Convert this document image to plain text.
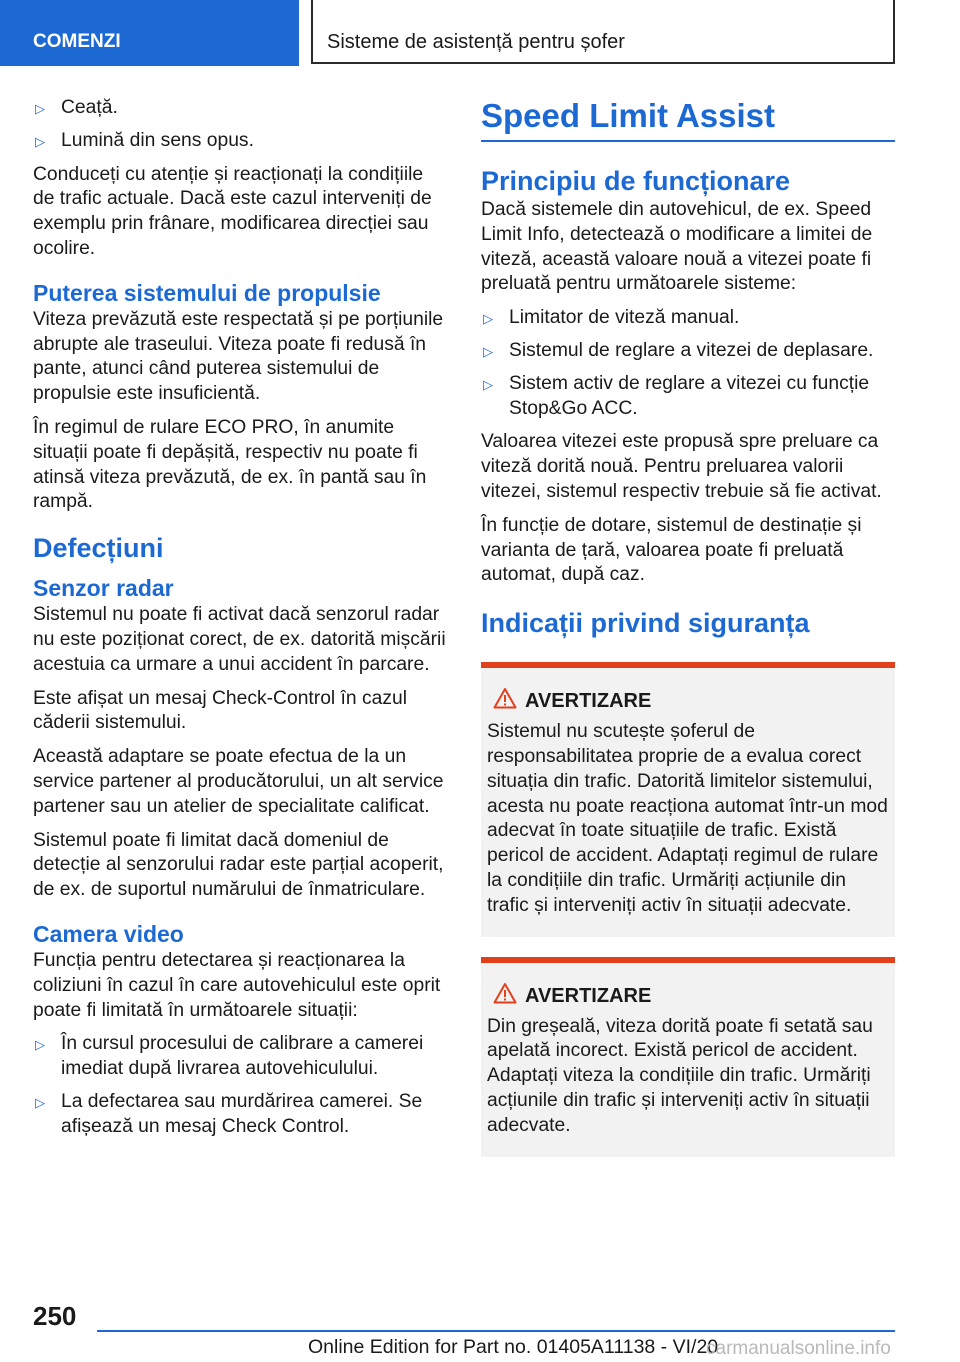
COMENZI	Sisteme de asistență pentru șofer
▷ Ceață.
▷ Lumină din sens opus.

Conduceți cu atenție și reacționați la condițiile de trafic actuale. Dacă este cazul interveniți de exemplu prin frânare, modificarea direcției sau ocolire.

Puterea sistemului de propulsie

Viteza prevăzută este respectată și pe porțiunile abrupte ale traseului. Viteza poate fi redusă în pante, atunci când puterea sistemului de propulsie este insuficientă.

În regimul de rulare ECO PRO, în anumite situații poate fi depășită, respectiv nu poate fi atinsă viteza prevăzută, de ex. în pantă sau în rampă.

Defecțiuni
Senzor radar

Sistemul nu poate fi activat dacă senzorul radar nu este poziționat corect, de ex. datorită mișcării acestuia ca urmare a unui accident în parcare.

Este afișat un mesaj Check-Control în cazul căderii sistemului.

Această adaptare se poate efectua de la un service partener al producătorului, un alt service partener sau un atelier de specialitate calificat.

Sistemul poate fi limitat dacă domeniul de detecție al senzorului radar este parțial acoperit, de ex. de suportul numărului de înmatriculare.

Camera video

Funcția pentru detectarea și reacționarea la coliziuni în cazul în care autovehiculul este oprit poate fi limitată în următoarele situații:

▷ În cursul procesului de calibrare a camerei imediat după livrarea autovehiculului.
▷ La defectarea sau murdărirea camerei. Se afișează un mesaj Check Control.
Speed Limit Assist
Principiu de funcționare

Dacă sistemele din autovehicul, de ex. Speed Limit Info, detectează o modificare a limitei de viteză, această valoare nouă a vitezei poate fi preluată pentru următoarele sisteme:

▷ Limitator de viteză manual.
▷ Sistemul de reglare a vitezei de deplasare.
▷ Sistem activ de reglare a vitezei cu funcție Stop&Go ACC.

Valoarea vitezei este propusă spre preluare ca viteză dorită nouă. Pentru preluarea valorii vitezei, sistemul respectiv trebuie să fie activat.

În funcție de dotare, sistemul de destinație și varianta de țară, valoarea poate fi preluată automat, după caz.

Indicații privind siguranța
AVERTIZARE

Sistemul nu scutește șoferul de responsabilitatea proprie de a evalua corect situația din trafic. Datorită limitelor sistemului, acesta nu poate reacționa automat într-un mod adecvat în toate situațiile de trafic. Există pericol de accident. Adaptați regimul de rulare la condițiile din trafic. Urmăriți acțiunile din trafic și interveniți activ în situații adecvate.

AVERTIZARE

Din greșeală, viteza dorită poate fi setată sau apelată incorect. Există pericol de accident. Adaptați viteza la condițiile din trafic. Urmăriți acțiunile din trafic și interveniți activ în situații adecvate.

250
Online Edition for Part no. 01405A11138 - VI/20
carmanualsonline.info
